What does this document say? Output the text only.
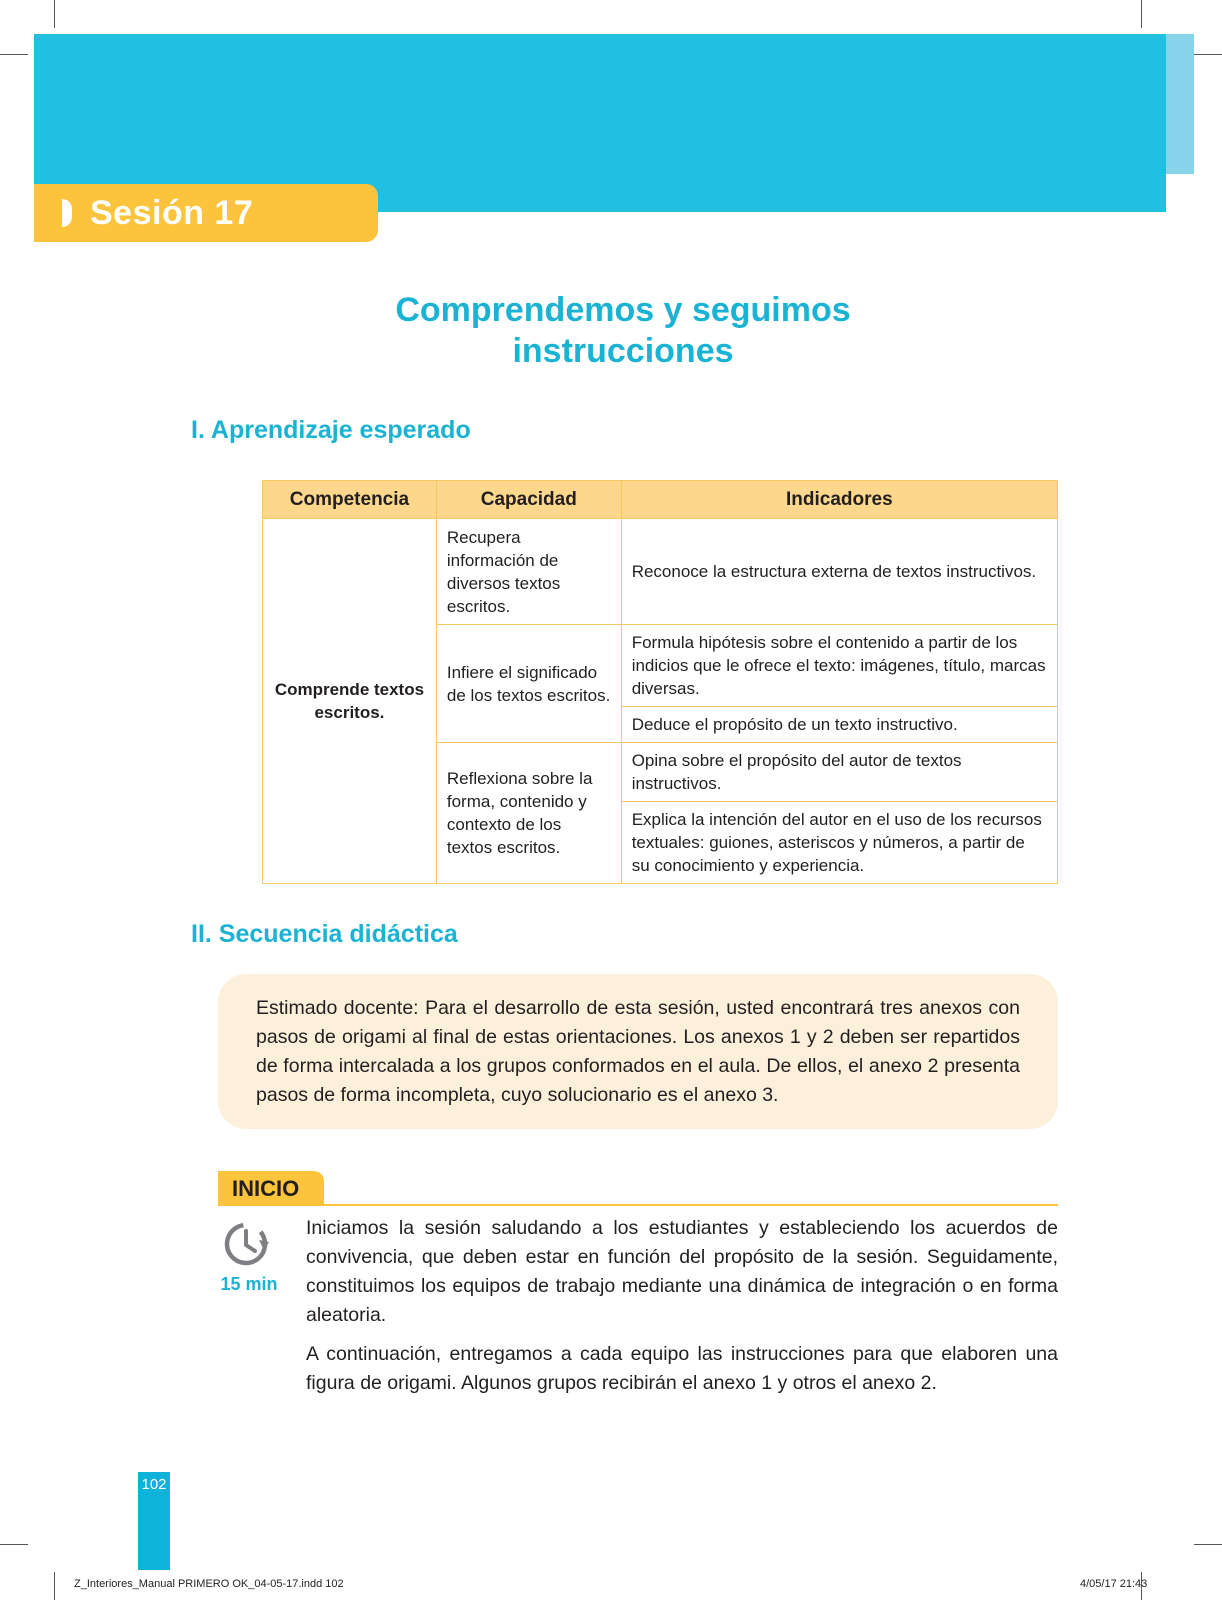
Sesión 17
Comprendemos y seguimos
instrucciones
I. Aprendizaje esperado
Competencia	Capacidad	Indicadores
Comprende textos escritos.	Recupera información de diversos textos escritos.	Reconoce la estructura externa de textos instructivos.
	Infiere el significado de los textos escritos.	Formula hipótesis sobre el contenido a partir de los indicios que le ofrece el texto: imágenes, título, marcas diversas.
		Deduce el propósito de un texto instructivo.
	Reflexiona sobre la forma, contenido y contexto de los textos escritos.	Opina sobre el propósito del autor de textos instructivos.
		Explica la intención del autor en el uso de los recursos textuales: guiones, asteriscos y números, a partir de su conocimiento y experiencia.
II. Secuencia didáctica
Estimado docente: Para el desarrollo de esta sesión, usted encontrará tres anexos con pasos de origami al final de estas orientaciones. Los anexos 1 y 2 deben ser repartidos de forma intercalada a los grupos conformados en el aula. De ellos, el anexo 2 presenta pasos de forma incompleta, cuyo solucionario es el anexo 3.
INICIO
15 min

Iniciamos la sesión saludando a los estudiantes y estableciendo los acuerdos de convivencia, que deben estar en función del propósito de la sesión. Seguidamente, constituimos los equipos de trabajo mediante una dinámica de integración o en forma aleatoria.

A continuación, entregamos a cada equipo las instrucciones para que elaboren una figura de origami. Algunos grupos recibirán el anexo 1 y otros el anexo 2.

102
Z_Interiores_Manual PRIMERO OK_04-05-17.indd 102	4/05/17 21:43
